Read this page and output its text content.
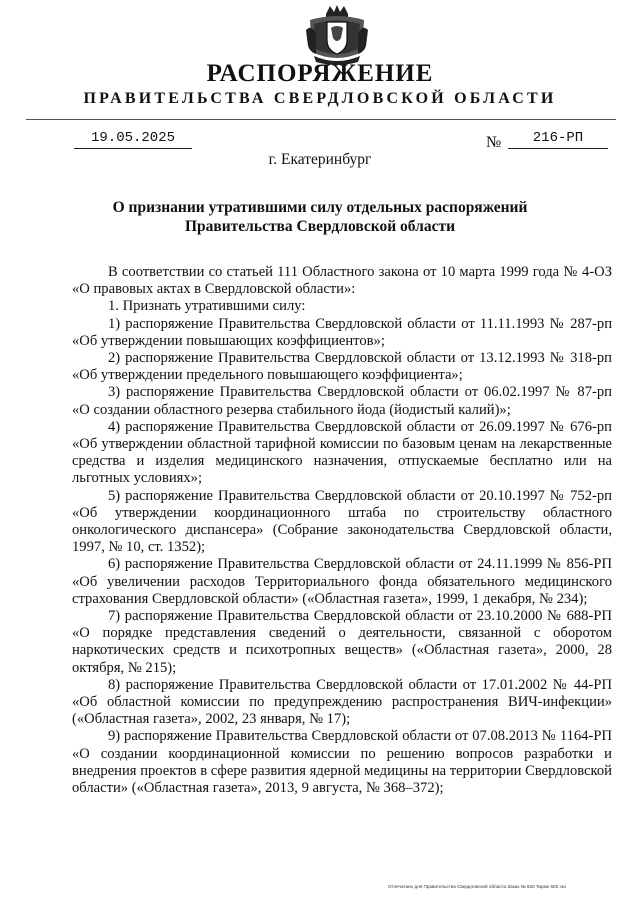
РАСПОРЯЖЕНИЕ
ПРАВИТЕЛЬСТВА СВЕРДЛОВСКОЙ ОБЛАСТИ
19.05.2025	№	216-РП
г. Екатеринбург
О признании утратившими силу отдельных распоряжений
Правительства Свердловской области

В соответствии со статьей 111 Областного закона от 10 марта 1999 года № 4-ОЗ «О правовых актах в Свердловской области»:

1. Признать утратившими силу:

1) распоряжение Правительства Свердловской области от 11.11.1993 № 287-рп «Об утверждении повышающих коэффициентов»;

2) распоряжение Правительства Свердловской области от 13.12.1993 № 318-рп «Об утверждении предельного повышающего коэффициента»;

3) распоряжение Правительства Свердловской области от 06.02.1997 № 87-рп «О создании областного резерва стабильного йода (йодистый калий)»;

4) распоряжение Правительства Свердловской области от 26.09.1997 № 676-рп «Об утверждении областной тарифной комиссии по базовым ценам на лекарственные средства и изделия медицинского назначения, отпускаемые бесплатно или на льготных условиях»;

5) распоряжение Правительства Свердловской области от 20.10.1997 № 752-рп «Об утверждении координационного штаба по строительству областного онкологического диспансера» (Собрание законодательства Свердловской области, 1997, № 10, ст. 1352);

6) распоряжение Правительства Свердловской области от 24.11.1999 № 856-РП «Об увеличении расходов Территориального фонда обязательного медицинского страхования Свердловской области» («Областная газета», 1999, 1 декабря, № 234);

7) распоряжение Правительства Свердловской области от 23.10.2000 № 688-РП «О порядке представления сведений о деятельности, связанной с оборотом наркотических средств и психотропных веществ» («Областная газета», 2000, 28 октября, № 215);

8) распоряжение Правительства Свердловской области от 17.01.2002 № 44-РП «Об областной комиссии по предупреждению распространения ВИЧ-инфекции» («Областная газета», 2002, 23 января, № 17);

9) распоряжение Правительства Свердловской области от 07.08.2013 № 1164-РП «О создании координационной комиссии по решению вопросов разработки и внедрения проектов в сфере развития ядерной медицины на территории Свердловской области» («Областная газета», 2013, 9 августа, № 368–372);

Отпечатано для Правительства Свердловской области Заказ № 620 Тираж 500 экз
